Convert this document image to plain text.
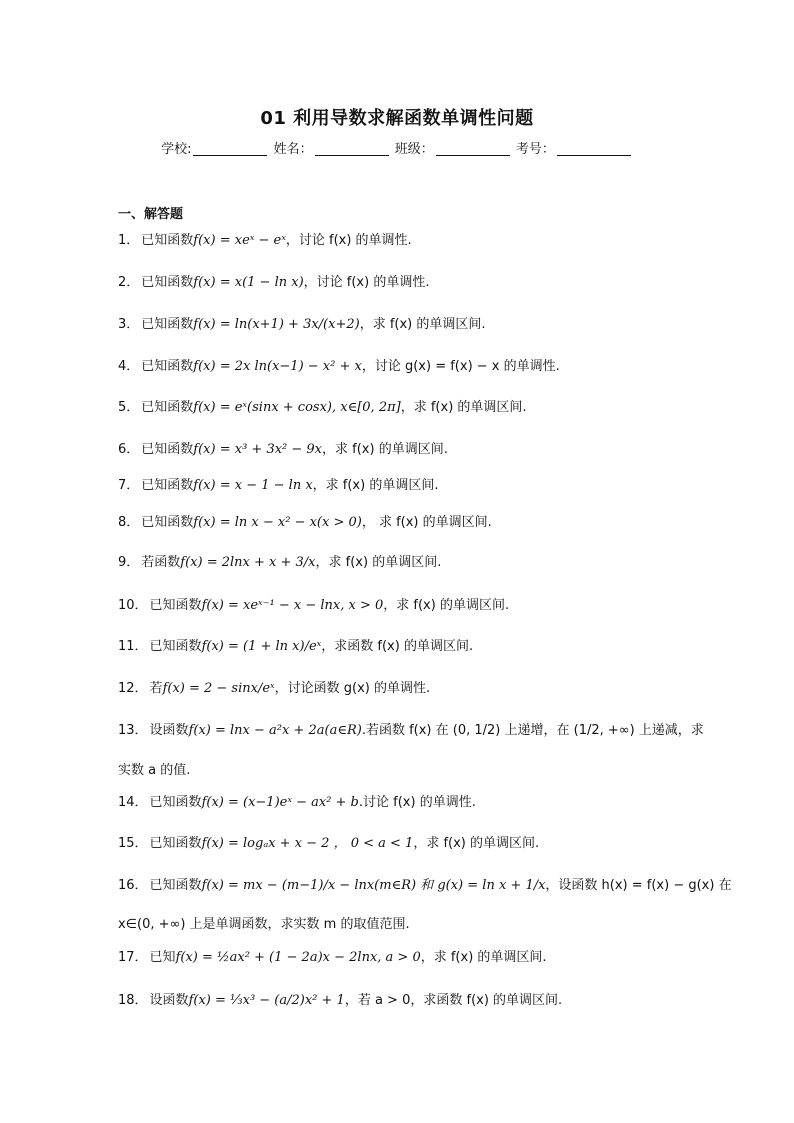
01 利用导数求解函数单调性问题
学校:	姓名：	班级：	考号：
一、解答题
1． 已知函数f(x) = xeˣ − eˣ，讨论 f(x) 的单调性.
2． 已知函数f(x) = x(1 − ln x)，讨论 f(x) 的单调性.
3． 已知函数f(x) = ln(x+1) + 3x/(x+2)，求 f(x) 的单调区间.
4． 已知函数f(x) = 2x ln(x−1) − x² + x，讨论 g(x) = f(x) − x 的单调性.
5． 已知函数f(x) = eˣ(sinx + cosx), x∈[0, 2π]，求 f(x) 的单调区间.
6． 已知函数f(x) = x³ + 3x² − 9x，求 f(x) 的单调区间.
7． 已知函数f(x) = x − 1 − ln x，求 f(x) 的单调区间.
8． 已知函数f(x) = ln x − x² − x(x > 0)， 求 f(x) 的单调区间.
9． 若函数f(x) = 2lnx + x + 3/x，求 f(x) 的单调区间.
10． 已知函数f(x) = xeˣ⁻¹ − x − lnx, x > 0，求 f(x) 的单调区间.
11． 已知函数f(x) = (1 + ln x)/eˣ，求函数 f(x) 的单调区间.
12． 若f(x) = 2 − sinx/eˣ，讨论函数 g(x) 的单调性.
13． 设函数f(x) = lnx − a²x + 2a(a∈R).若函数 f(x) 在 (0, 1/2) 上递增，在 (1/2, +∞) 上递减，求
实数 a 的值.
14． 已知函数f(x) = (x−1)eˣ − ax² + b.讨论 f(x) 的单调性.
15． 已知函数f(x) = logₐx + x − 2 ， 0 < a < 1，求 f(x) 的单调区间.
16． 已知函数f(x) = mx − (m−1)/x − lnx(m∈R) 和 g(x) = ln x + 1/x，设函数 h(x) = f(x) − g(x) 在
x∈(0, +∞) 上是单调函数，求实数 m 的取值范围.
17． 已知f(x) = ½ax² + (1 − 2a)x − 2lnx, a > 0，求 f(x) 的单调区间.
18． 设函数f(x) = ⅓x³ − (a/2)x² + 1，若 a > 0，求函数 f(x) 的单调区间.
